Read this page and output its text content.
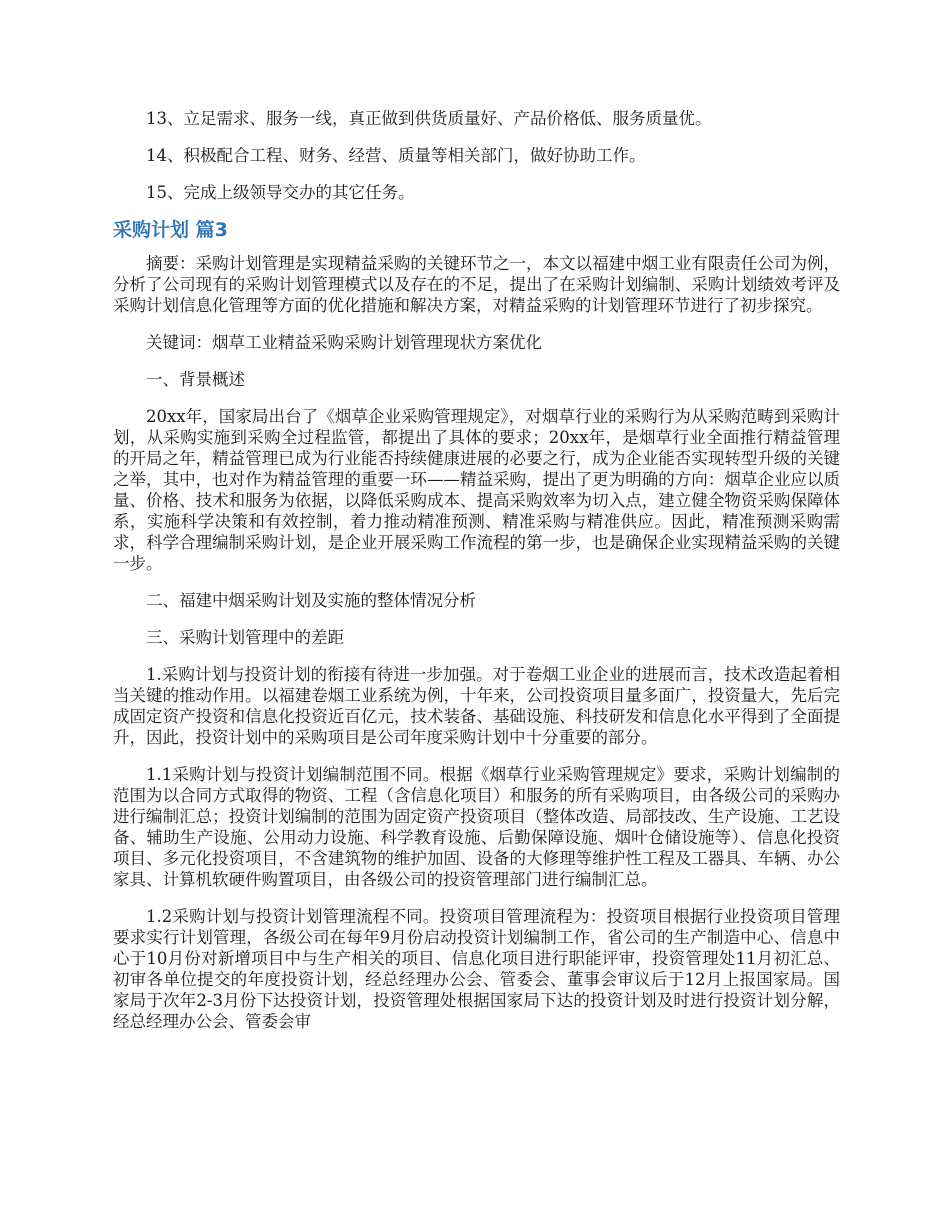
13、立足需求、服务一线，真正做到供货质量好、产品价格低、服务质量优。

14、积极配合工程、财务、经营、质量等相关部门，做好协助工作。

15、完成上级领导交办的其它任务。

采购计划 篇3

摘要：采购计划管理是实现精益采购的关键环节之一，本文以福建中烟工业有限责任公司为例，分析了公司现有的采购计划管理模式以及存在的不足，提出了在采购计划编制、采购计划绩效考评及采购计划信息化管理等方面的优化措施和解决方案，对精益采购的计划管理环节进行了初步探究。

关键词：烟草工业精益采购采购计划管理现状方案优化

一、背景概述

20xx年，国家局出台了《烟草企业采购管理规定》，对烟草行业的采购行为从采购范畴到采购计划，从采购实施到采购全过程监管，都提出了具体的要求；20xx年，是烟草行业全面推行精益管理的开局之年，精益管理已成为行业能否持续健康进展的必要之行，成为企业能否实现转型升级的关键之举，其中，也对作为精益管理的重要一环——精益采购，提出了更为明确的方向：烟草企业应以质量、价格、技术和服务为依据，以降低采购成本、提高采购效率为切入点，建立健全物资采购保障体系，实施科学决策和有效控制，着力推动精准预测、精准采购与精准供应。因此，精准预测采购需求，科学合理编制采购计划，是企业开展采购工作流程的第一步，也是确保企业实现精益采购的关键一步。

二、福建中烟采购计划及实施的整体情况分析

三、采购计划管理中的差距

1.采购计划与投资计划的衔接有待进一步加强。对于卷烟工业企业的进展而言，技术改造起着相当关键的推动作用。以福建卷烟工业系统为例，十年来，公司投资项目量多面广，投资量大，先后完成固定资产投资和信息化投资近百亿元，技术装备、基础设施、科技研发和信息化水平得到了全面提升，因此，投资计划中的采购项目是公司年度采购计划中十分重要的部分。

1.1采购计划与投资计划编制范围不同。根据《烟草行业采购管理规定》要求，采购计划编制的范围为以合同方式取得的物资、工程（含信息化项目）和服务的所有采购项目，由各级公司的采购办进行编制汇总；投资计划编制的范围为固定资产投资项目（整体改造、局部技改、生产设施、工艺设备、辅助生产设施、公用动力设施、科学教育设施、后勤保障设施、烟叶仓储设施等）、信息化投资项目、多元化投资项目，不含建筑物的维护加固、设备的大修理等维护性工程及工器具、车辆、办公家具、计算机软硬件购置项目，由各级公司的投资管理部门进行编制汇总。

1.2采购计划与投资计划管理流程不同。投资项目管理流程为：投资项目根据行业投资项目管理要求实行计划管理，各级公司在每年9月份启动投资计划编制工作，省公司的生产制造中心、信息中心于10月份对新增项目中与生产相关的项目、信息化项目进行职能评审，投资管理处11月初汇总、初审各单位提交的年度投资计划，经总经理办公会、管委会、董事会审议后于12月上报国家局。国家局于次年2-3月份下达投资计划，投资管理处根据国家局下达的投资计划及时进行投资计划分解，经总经理办公会、管委会审
